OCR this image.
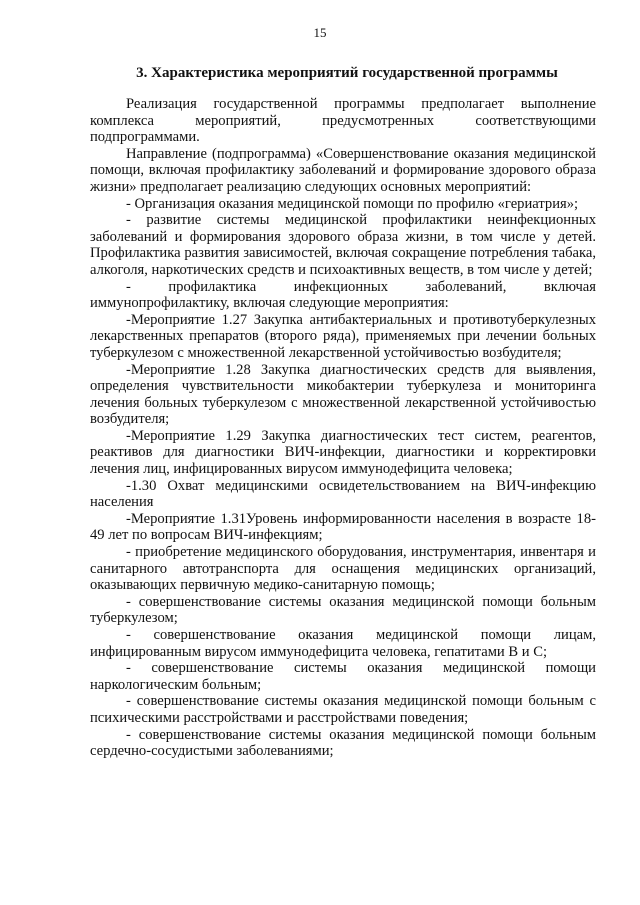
15
3. Характеристика мероприятий государственной программы

Реализация государственной программы предполагает выполнение комплекса мероприятий, предусмотренных соответствующими подпрограммами.

Направление (подпрограмма) «Совершенствование оказания медицинской помощи, включая профилактику заболеваний и формирование здорового образа жизни» предполагает реализацию следующих основных мероприятий:

- Организация оказания медицинской помощи по профилю «гериатрия»;

- развитие системы медицинской профилактики неинфекционных заболеваний и формирования здорового образа жизни, в том числе у детей. Профилактика развития зависимостей, включая сокращение потребления табака, алкоголя, наркотических средств и психоактивных веществ, в том числе у детей;

- профилактика инфекционных заболеваний, включая иммунопрофилактику, включая следующие мероприятия:

-Мероприятие 1.27 Закупка антибактериальных и противотуберкулезных лекарственных препаратов (второго ряда), применяемых при лечении больных туберкулезом с множественной лекарственной устойчивостью возбудителя;

-Мероприятие 1.28 Закупка диагностических средств для выявления, определения чувствительности микобактерии туберкулеза и мониторинга лечения больных туберкулезом с множественной лекарственной устойчивостью возбудителя;

-Мероприятие 1.29 Закупка диагностических тест систем, реагентов, реактивов для диагностики ВИЧ-инфекции, диагностики и корректировки лечения лиц, инфицированных вирусом иммунодефицита человека;

-1.30 Охват медицинскими освидетельствованием на ВИЧ-инфекцию населения

-Мероприятие 1.31Уровень информированности населения в возрасте 18-49 лет по вопросам ВИЧ-инфекциям;

- приобретение медицинского оборудования, инструментария, инвентаря и санитарного автотранспорта для оснащения медицинских организаций, оказывающих первичную медико-санитарную помощь;

- совершенствование системы оказания медицинской помощи больным туберкулезом;

- совершенствование оказания медицинской помощи лицам, инфицированным вирусом иммунодефицита человека, гепатитами В и С;

- совершенствование системы оказания медицинской помощи наркологическим больным;

- совершенствование системы оказания медицинской помощи больным с психическими расстройствами и расстройствами поведения;

- совершенствование системы оказания медицинской помощи больным сердечно-сосудистыми заболеваниями;
